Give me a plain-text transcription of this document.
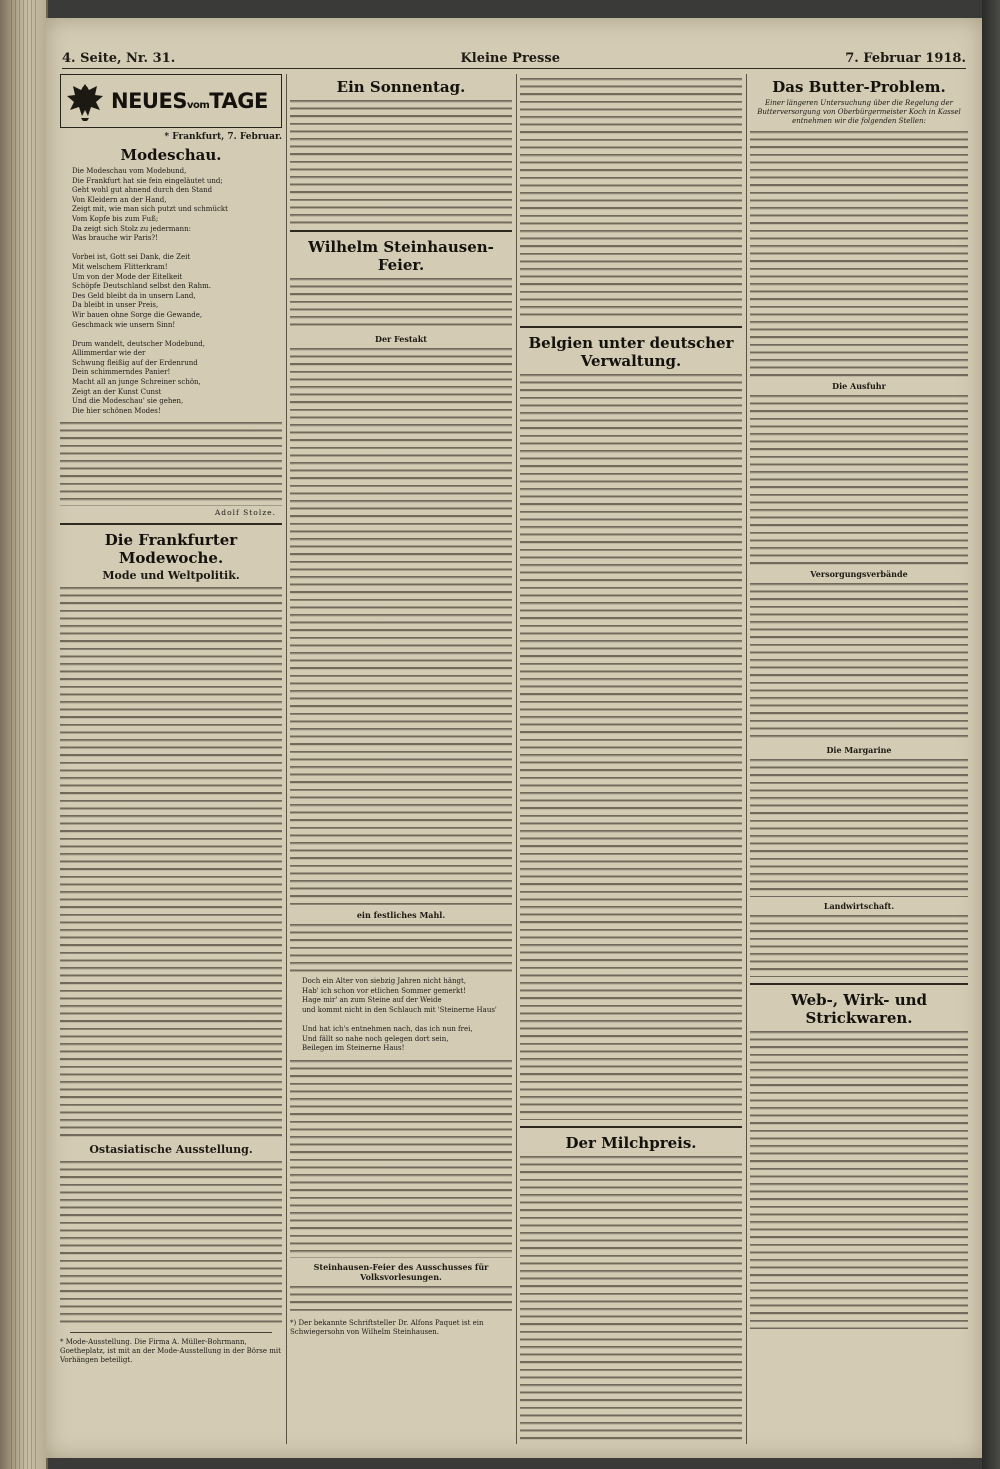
4. Seite, Nr. 31.	Kleine Presse	7. Februar 1918.
NEUESvomTAGE
* Frankfurt, 7. Februar.
Modeschau.
Die Modeschau vom Modebund,
Die Frankfurt hat sie fein eingeläutet und;
Geht wohl gut ahnend durch den Stand
Von Kleidern an der Hand,
Zeigt mit, wie man sich putzt und schmückt
Vom Kopfe bis zum Fuß;
Da zeigt sich Stolz zu jedermann:
Was brauche wir Paris?!

Vorbei ist, Gott sei Dank, die Zeit
Mit welschem Flitterkram!
Um von der Mode der Eitelkeit
Schöpfe Deutschland selbst den Rahm.
Des Geld bleibt da in unsern Land,
Da bleibt in unser Preis,
Wir bauen ohne Sorge die Gewande,
Geschmack wie unsern Sinn!

Drum wandelt, deutscher Modebund,
Allimmerdar wie der
Schwung fleißig auf der Erdenrund
Dein schimmerndes Panier!
Macht all an junge Schreiner schön,
Zeigt an der Kunst Cunst
Und die Modeschau' sie gehen,
Die hier schönen Modes!
Adolf Stolze.
Die Frankfurter Modewoche.
Mode und Weltpolitik.
Ostasiatische Ausstellung.
* Mode-Ausstellung. Die Firma A. Müller-Bohrmann, Goetheplatz, ist mit an der Mode-Ausstellung in der Börse mit Vorhängen beteiligt.
Ein Sonnentag.
Wilhelm Steinhausen-Feier.
Der Festakt
ein festliches Mahl.
Doch ein Alter von siebzig Jahren nicht hängt,
Hab' ich schon vor etlichen Sommer gemerkt!
Hage mir' an zum Steine auf der Weide
und kommt nicht in den Schlauch mit 'Steinerne Haus'

Und hat ich's entnehmen nach, das ich nun frei,
Und fällt so nahe noch gelegen dort sein,
Beilegen im Steinerne Haus!
Steinhausen-Feier des Ausschusses für Volksvorlesungen.
*) Der bekannte Schriftsteller Dr. Alfons Paquet ist ein Schwiegersohn von Wilhelm Steinhausen.
Belgien unter deutscher Verwaltung.
Der Milchpreis.
Das Butter-Problem.
Einer längeren Untersuchung über die Regelung der Butterversorgung von Oberbürgermeister Koch in Kassel entnehmen wir die folgenden Stellen:
Die Ausfuhr
Versorgungsverbände
Die Margarine
Landwirtschaft.
Web-, Wirk- und Strickwaren.
